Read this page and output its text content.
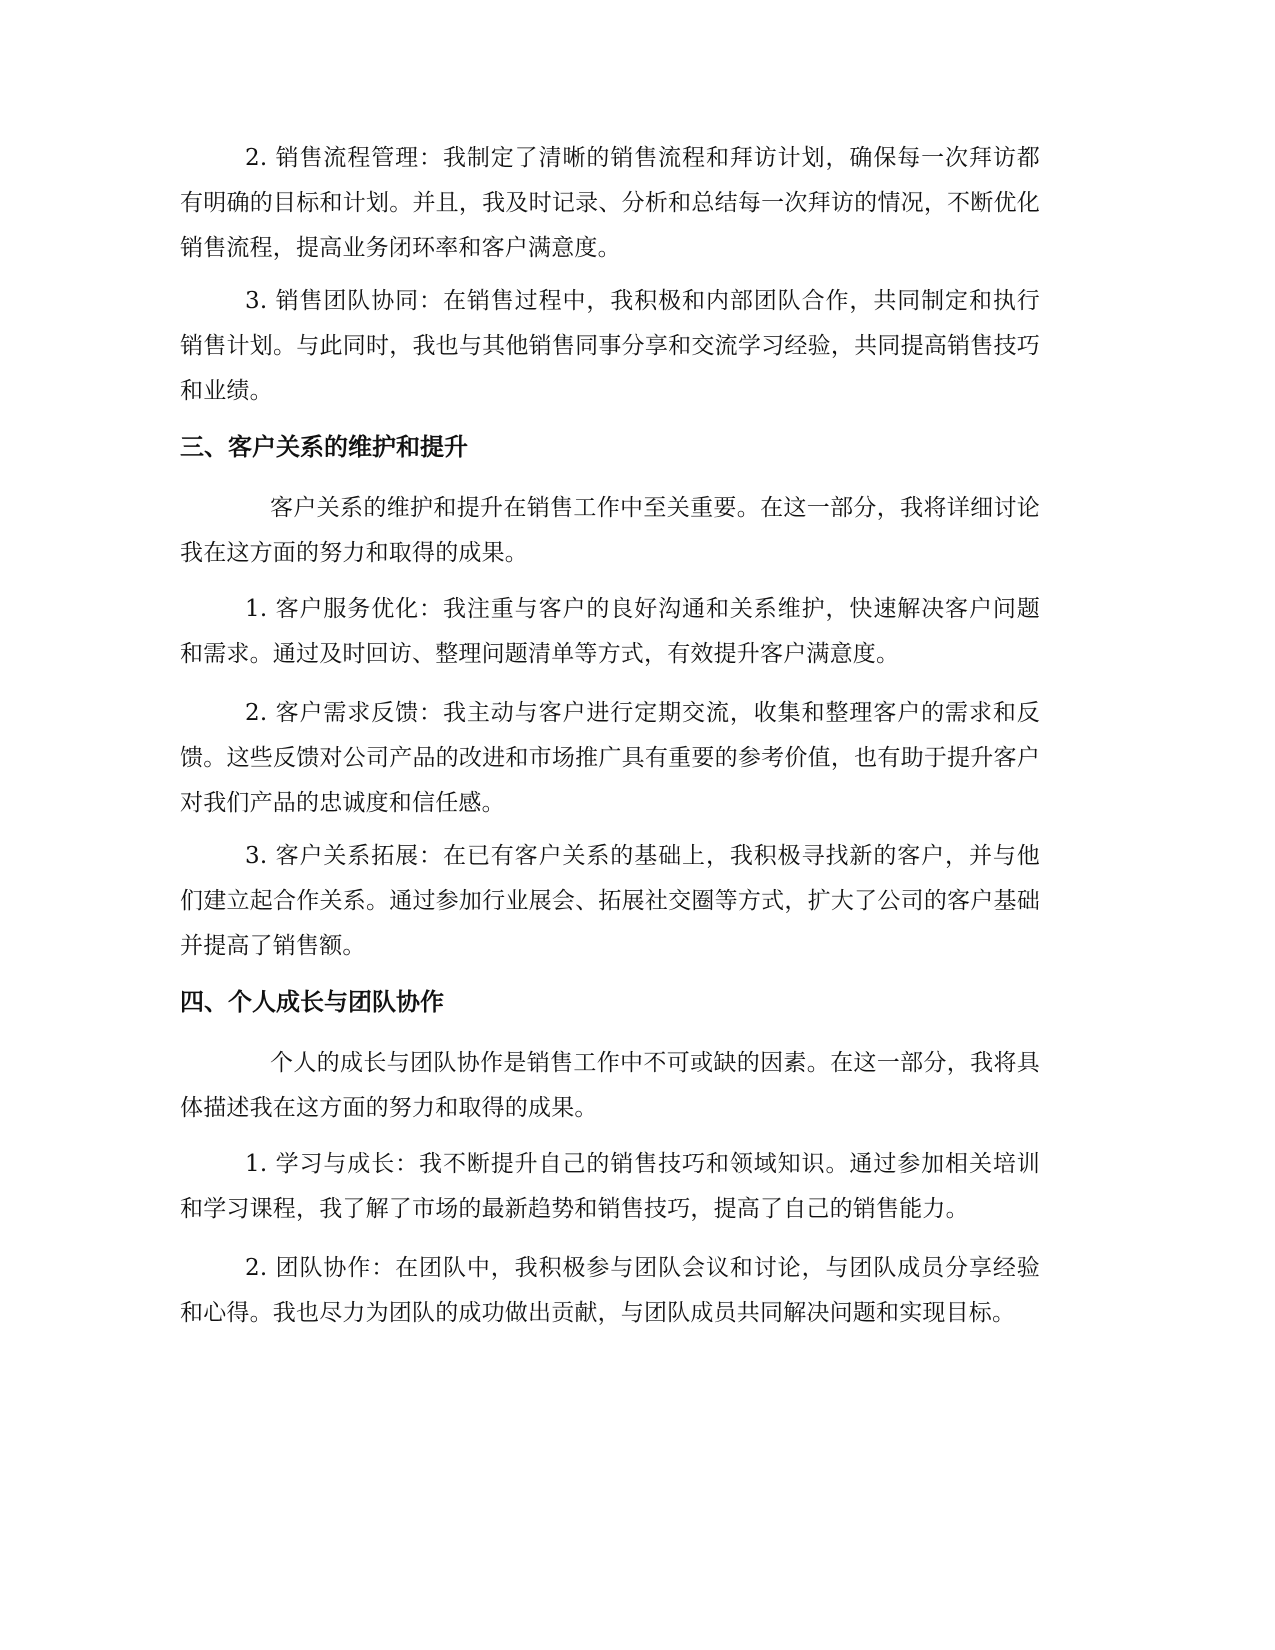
2. 销售流程管理：我制定了清晰的销售流程和拜访计划，确保每一次拜访都有明确的目标和计划。并且，我及时记录、分析和总结每一次拜访的情况，不断优化销售流程，提高业务闭环率和客户满意度。

3. 销售团队协同：在销售过程中，我积极和内部团队合作，共同制定和执行销售计划。与此同时，我也与其他销售同事分享和交流学习经验，共同提高销售技巧和业绩。

三、客户关系的维护和提升

客户关系的维护和提升在销售工作中至关重要。在这一部分，我将详细讨论我在这方面的努力和取得的成果。

1. 客户服务优化：我注重与客户的良好沟通和关系维护，快速解决客户问题和需求。通过及时回访、整理问题清单等方式，有效提升客户满意度。

2. 客户需求反馈：我主动与客户进行定期交流，收集和整理客户的需求和反馈。这些反馈对公司产品的改进和市场推广具有重要的参考价值，也有助于提升客户对我们产品的忠诚度和信任感。

3. 客户关系拓展：在已有客户关系的基础上，我积极寻找新的客户，并与他们建立起合作关系。通过参加行业展会、拓展社交圈等方式，扩大了公司的客户基础并提高了销售额。

四、个人成长与团队协作

个人的成长与团队协作是销售工作中不可或缺的因素。在这一部分，我将具体描述我在这方面的努力和取得的成果。

1. 学习与成长：我不断提升自己的销售技巧和领域知识。通过参加相关培训和学习课程，我了解了市场的最新趋势和销售技巧，提高了自己的销售能力。

2. 团队协作：在团队中，我积极参与团队会议和讨论，与团队成员分享经验和心得。我也尽力为团队的成功做出贡献，与团队成员共同解决问题和实现目标。
